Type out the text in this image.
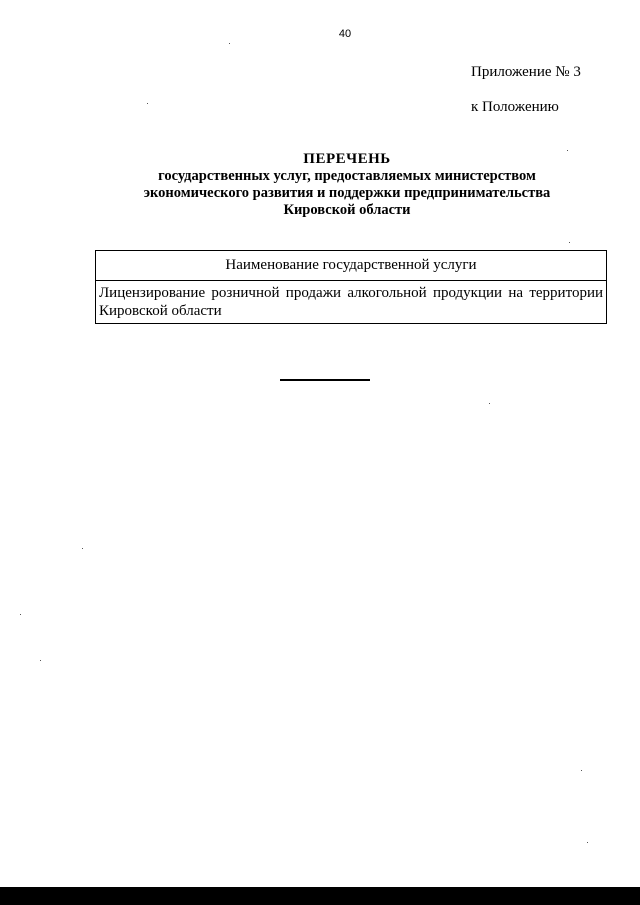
40
Приложение № 3
к Положению
ПЕРЕЧЕНЬ
государственных услуг, предоставляемых министерством
экономического развития и поддержки предпринимательства
Кировской области
Наименование государственной услуги
Лицензирование розничной продажи алкогольной продукции на территории Кировской области
